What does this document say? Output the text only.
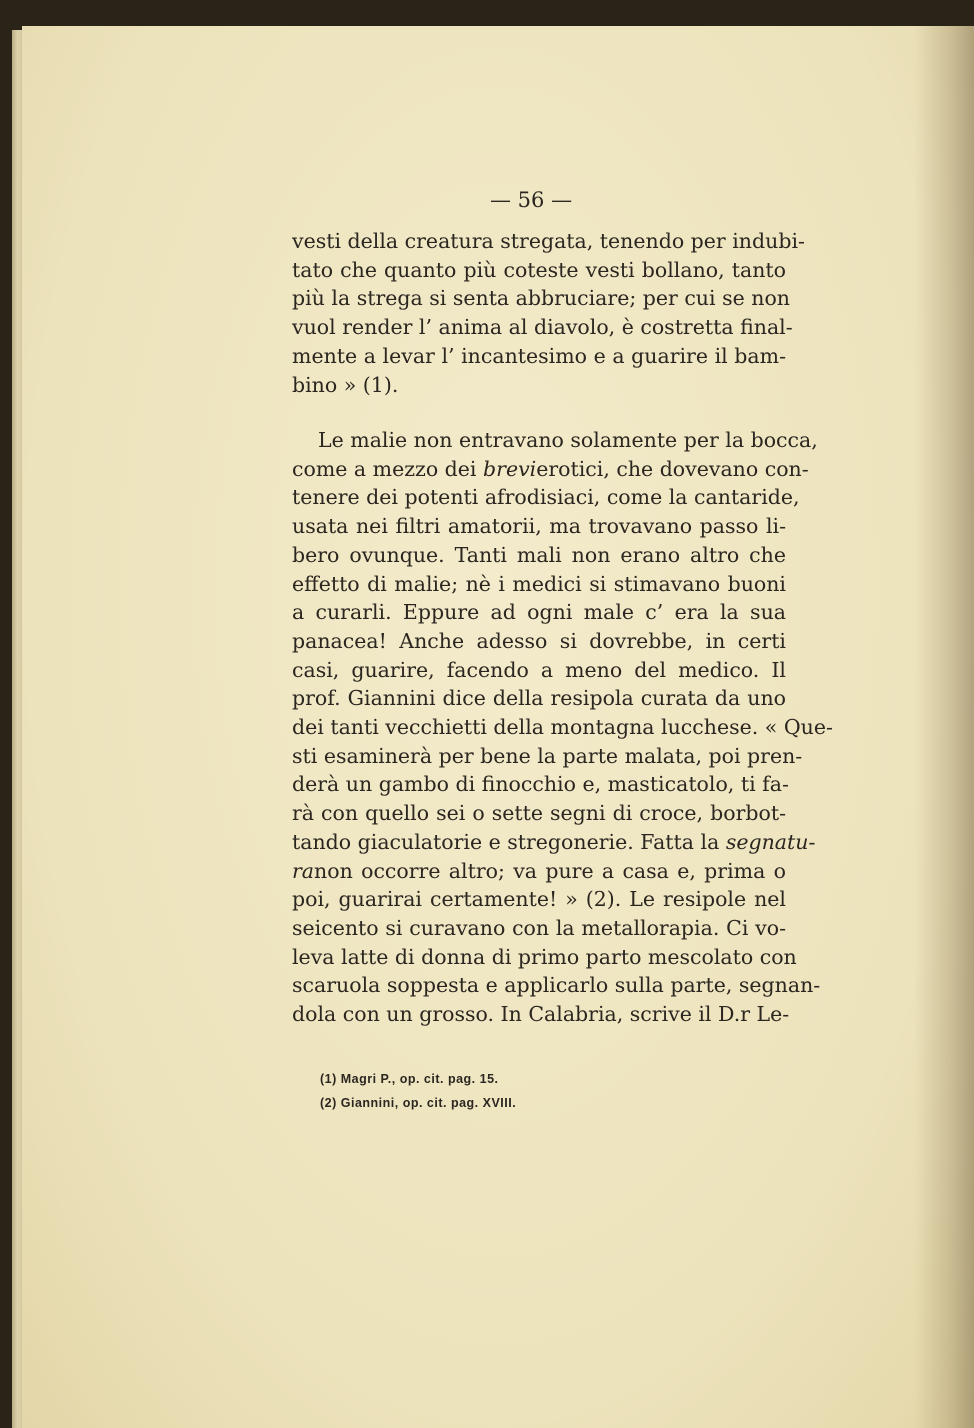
— 56 —
vesti della creatura stregata, tenendo per indubi-
tato che quanto più coteste vesti bollano, tanto
più la strega si senta abbruciare; per cui se non
vuol render l’ anima al diavolo, è costretta final-
mente a levar l’ incantesimo e a guarire il bam-
bino » (1).
Le malie non entravano solamente per la bocca,
come a mezzo dei brevierotici, che dovevano con-
tenere dei potenti afrodisiaci, come la cantaride,
usata nei filtri amatorii, ma trovavano passo li-
bero ovunque. Tanti mali non erano altro che
effetto di malie; nè i medici si stimavano buoni
a curarli. Eppure ad ogni male c’ era la sua
panacea! Anche adesso si dovrebbe, in certi
casi, guarire, facendo a meno del medico. Il
prof. Giannini dice della resipola curata da uno
dei tanti vecchietti della montagna lucchese. « Que-
sti esaminerà per bene la parte malata, poi pren-
derà un gambo di finocchio e, masticatolo, ti fa-
rà con quello sei o sette segni di croce, borbot-
tando giaculatorie e stregonerie. Fatta la segnatu-
ranon occorre altro; va pure a casa e, prima o
poi, guarirai certamente! » (2). Le resipole nel
seicento si curavano con la metallorapia. Ci vo-
leva latte di donna di primo parto mescolato con
scaruola soppesta e applicarlo sulla parte, segnan-
dola con un grosso. In Calabria, scrive il D.r Le-
(1) Magri P., op. cit. pag. 15.
(2) Giannini, op. cit. pag. XVIII.
